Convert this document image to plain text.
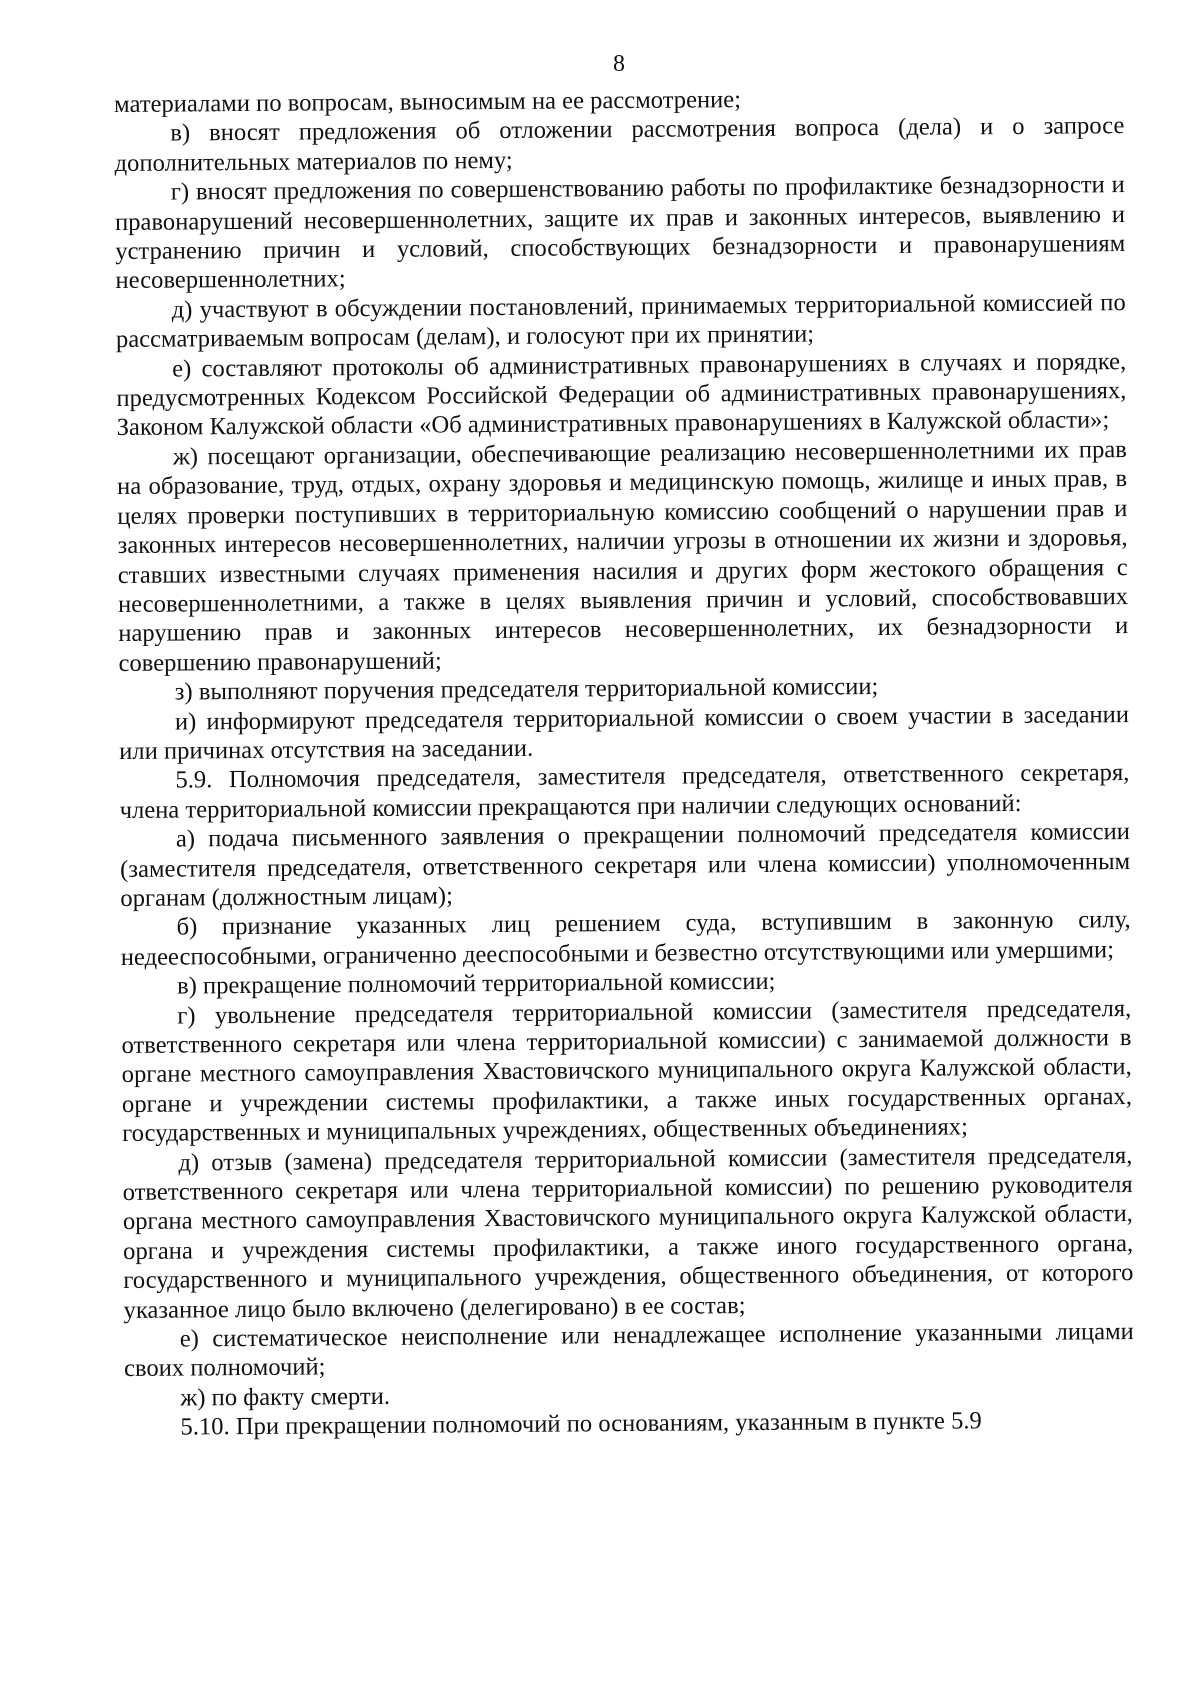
8

материалами по вопросам, выносимым на ее рассмотрение;

в) вносят предложения об отложении рассмотрения вопроса (дела) и о запросе дополнительных материалов по нему;

г) вносят предложения по совершенствованию работы по профилактике безнадзорности и правонарушений несовершеннолетних, защите их прав и законных интересов, выявлению и устранению причин и условий, способствующих безнадзорности и правонарушениям несовершеннолетних;

д) участвуют в обсуждении постановлений, принимаемых территориальной комиссией по рассматриваемым вопросам (делам), и голосуют при их принятии;

е) составляют протоколы об административных правонарушениях в случаях и порядке, предусмотренных Кодексом Российской Федерации об административных правонарушениях, Законом Калужской области «Об административных правонарушениях в Калужской области»;

ж) посещают организации, обеспечивающие реализацию несовершеннолетними их прав на образование, труд, отдых, охрану здоровья и медицинскую помощь, жилище и иных прав, в целях проверки поступивших в территориальную комиссию сообщений о нарушении прав и законных интересов несовершеннолетних, наличии угрозы в отношении их жизни и здоровья, ставших известными случаях применения насилия и других форм жестокого обращения с несовершеннолетними, а также в целях выявления причин и условий, способствовавших нарушению прав и законных интересов несовершеннолетних, их безнадзорности и совершению правонарушений;

з) выполняют поручения председателя территориальной комиссии;

и) информируют председателя территориальной комиссии о своем участии в заседании или причинах отсутствия на заседании.

5.9. Полномочия председателя, заместителя председателя, ответственного секретаря, члена территориальной комиссии прекращаются при наличии следующих оснований:

а) подача письменного заявления о прекращении полномочий председателя комиссии (заместителя председателя, ответственного секретаря или члена комиссии) уполномоченным органам (должностным лицам);

б) признание указанных лиц решением суда, вступившим в законную силу, недееспособными, ограниченно дееспособными и безвестно отсутствующими или умершими;

в) прекращение полномочий территориальной комиссии;

г) увольнение председателя территориальной комиссии (заместителя председателя, ответственного секретаря или члена территориальной комиссии) с занимаемой должности в органе местного самоуправления Хвастовичского муниципального округа Калужской области, органе и учреждении системы профилактики, а также иных государственных органах, государственных и муниципальных учреждениях, общественных объединениях;

д) отзыв (замена) председателя территориальной комиссии (заместителя председателя, ответственного секретаря или члена территориальной комиссии) по решению руководителя органа местного самоуправления Хвастовичского муниципального округа Калужской области, органа и учреждения системы профилактики, а также иного государственного органа, государственного и муниципального учреждения, общественного объединения, от которого указанное лицо было включено (делегировано) в ее состав;

е) систематическое неисполнение или ненадлежащее исполнение указанными лицами своих полномочий;

ж) по факту смерти.

5.10. При прекращении полномочий по основаниям, указанным в пункте 5.9
